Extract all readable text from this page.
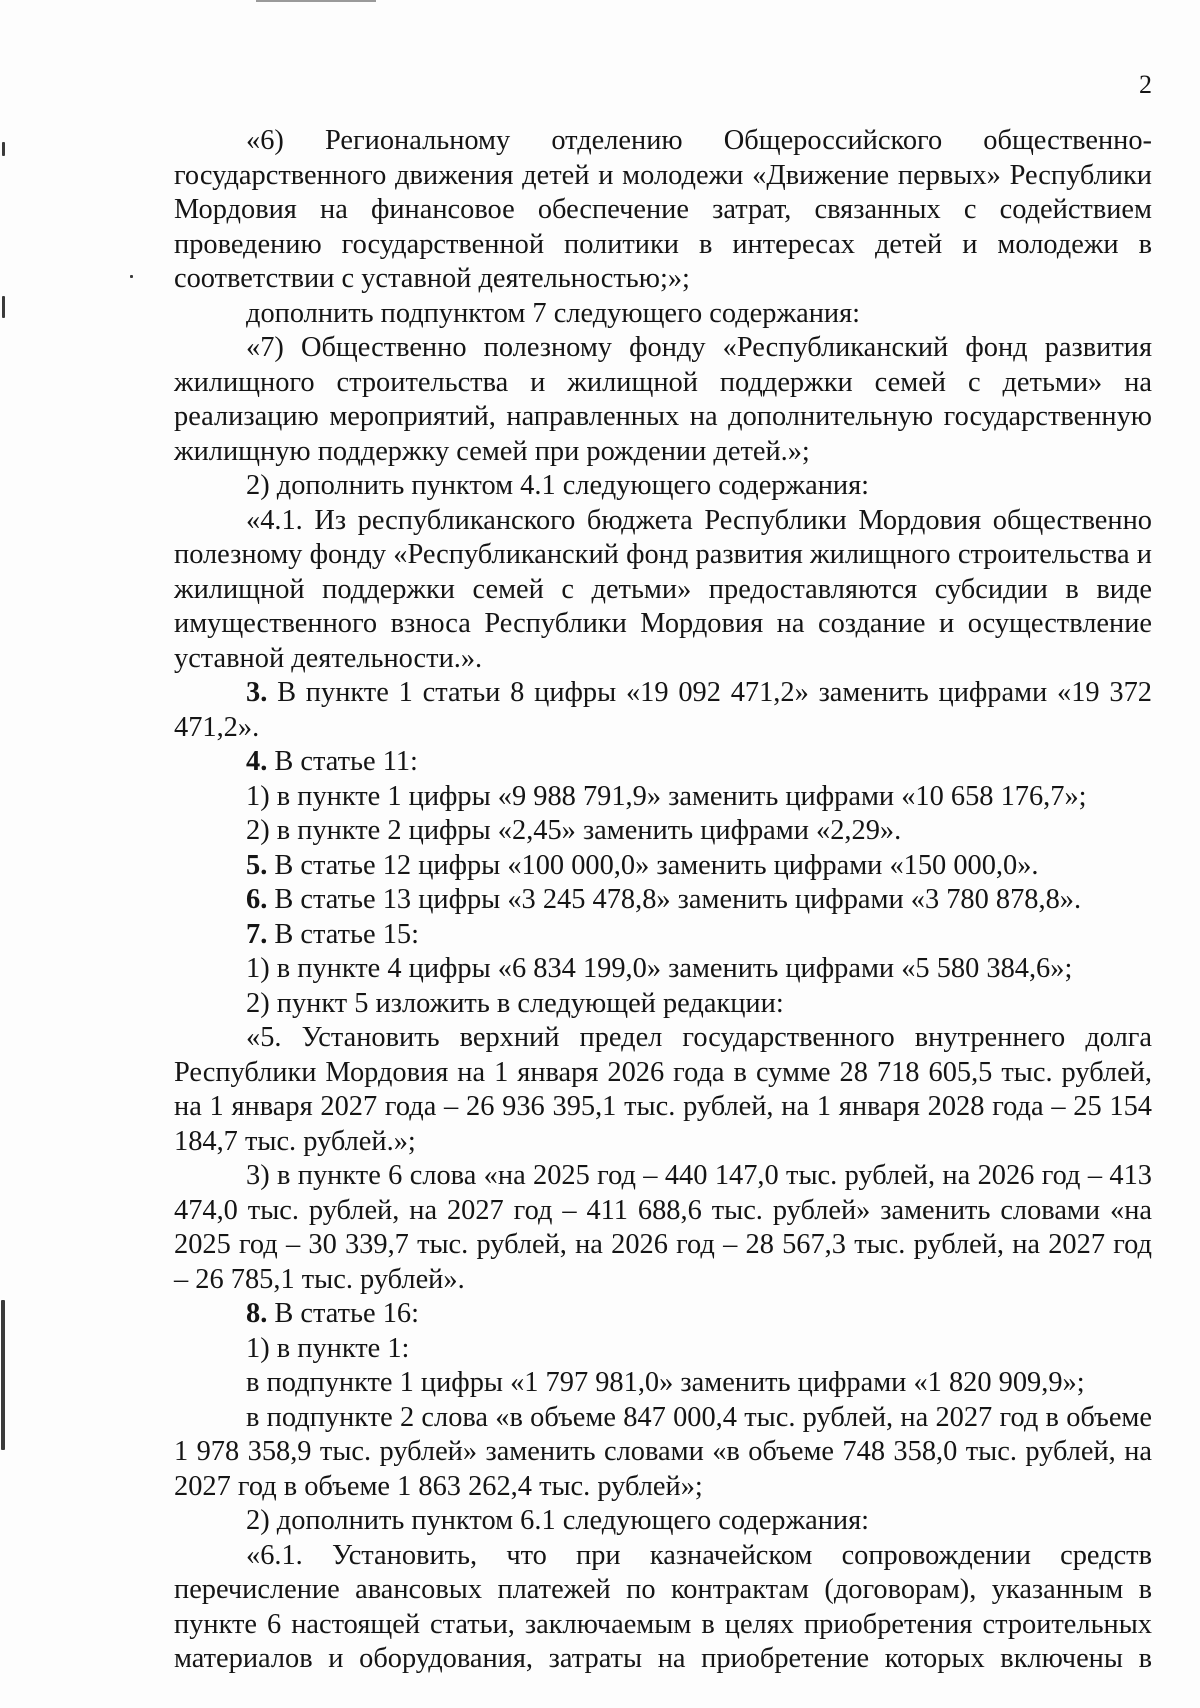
2

«6) Региональному отделению Общероссийского общественно-государственного движения детей и молодежи «Движение первых» Республики Мордовия на финансовое обеспечение затрат, связанных с содействием проведению государственной политики в интересах детей и молодежи в соответствии с уставной деятельностью;»;

дополнить подпунктом 7 следующего содержания:

«7) Общественно полезному фонду «Республиканский фонд развития жилищного строительства и жилищной поддержки семей с детьми» на реализацию мероприятий, направленных на дополнительную государственную жилищную поддержку семей при рождении детей.»;

2) дополнить пунктом 4.1 следующего содержания:

«4.1. Из республиканского бюджета Республики Мордовия общественно полезному фонду «Республиканский фонд развития жилищного строительства и жилищной поддержки семей с детьми» предоставляются субсидии в виде имущественного взноса Республики Мордовия на создание и осуществление уставной деятельности.».

3. В пункте 1 статьи 8 цифры «19 092 471,2» заменить цифрами «19 372 471,2».

4. В статье 11:

1) в пункте 1 цифры «9 988 791,9» заменить цифрами «10 658 176,7»;

2) в пункте 2 цифры «2,45» заменить цифрами «2,29».

5. В статье 12 цифры «100 000,0» заменить цифрами «150 000,0».

6. В статье 13 цифры «3 245 478,8» заменить цифрами «3 780 878,8».

7. В статье 15:

1) в пункте 4 цифры «6 834 199,0» заменить цифрами «5 580 384,6»;

2) пункт 5 изложить в следующей редакции:

«5. Установить верхний предел государственного внутреннего долга Республики Мордовия на 1 января 2026 года в сумме 28 718 605,5 тыс. рублей, на 1 января 2027 года – 26 936 395,1 тыс. рублей, на 1 января 2028 года – 25 154 184,7 тыс. рублей.»;

3) в пункте 6 слова «на 2025 год – 440 147,0 тыс. рублей, на 2026 год – 413 474,0 тыс. рублей, на 2027 год – 411 688,6 тыс. рублей» заменить словами «на 2025 год – 30 339,7 тыс. рублей, на 2026 год – 28 567,3 тыс. рублей, на 2027 год – 26 785,1 тыс. рублей».

8. В статье 16:

1) в пункте 1:

в подпункте 1 цифры «1 797 981,0» заменить цифрами «1 820 909,9»;

в подпункте 2 слова «в объеме 847 000,4 тыс. рублей, на 2027 год в объеме 1 978 358,9 тыс. рублей» заменить словами «в объеме 748 358,0 тыс. рублей, на 2027 год в объеме 1 863 262,4 тыс. рублей»;

2) дополнить пунктом 6.1 следующего содержания:

«6.1. Установить, что при казначейском сопровождении средств перечисление авансовых платежей по контрактам (договорам), указанным в пункте 6 настоящей статьи, заключаемым в целях приобретения строительных материалов и оборудования, затраты на приобретение которых включены в
